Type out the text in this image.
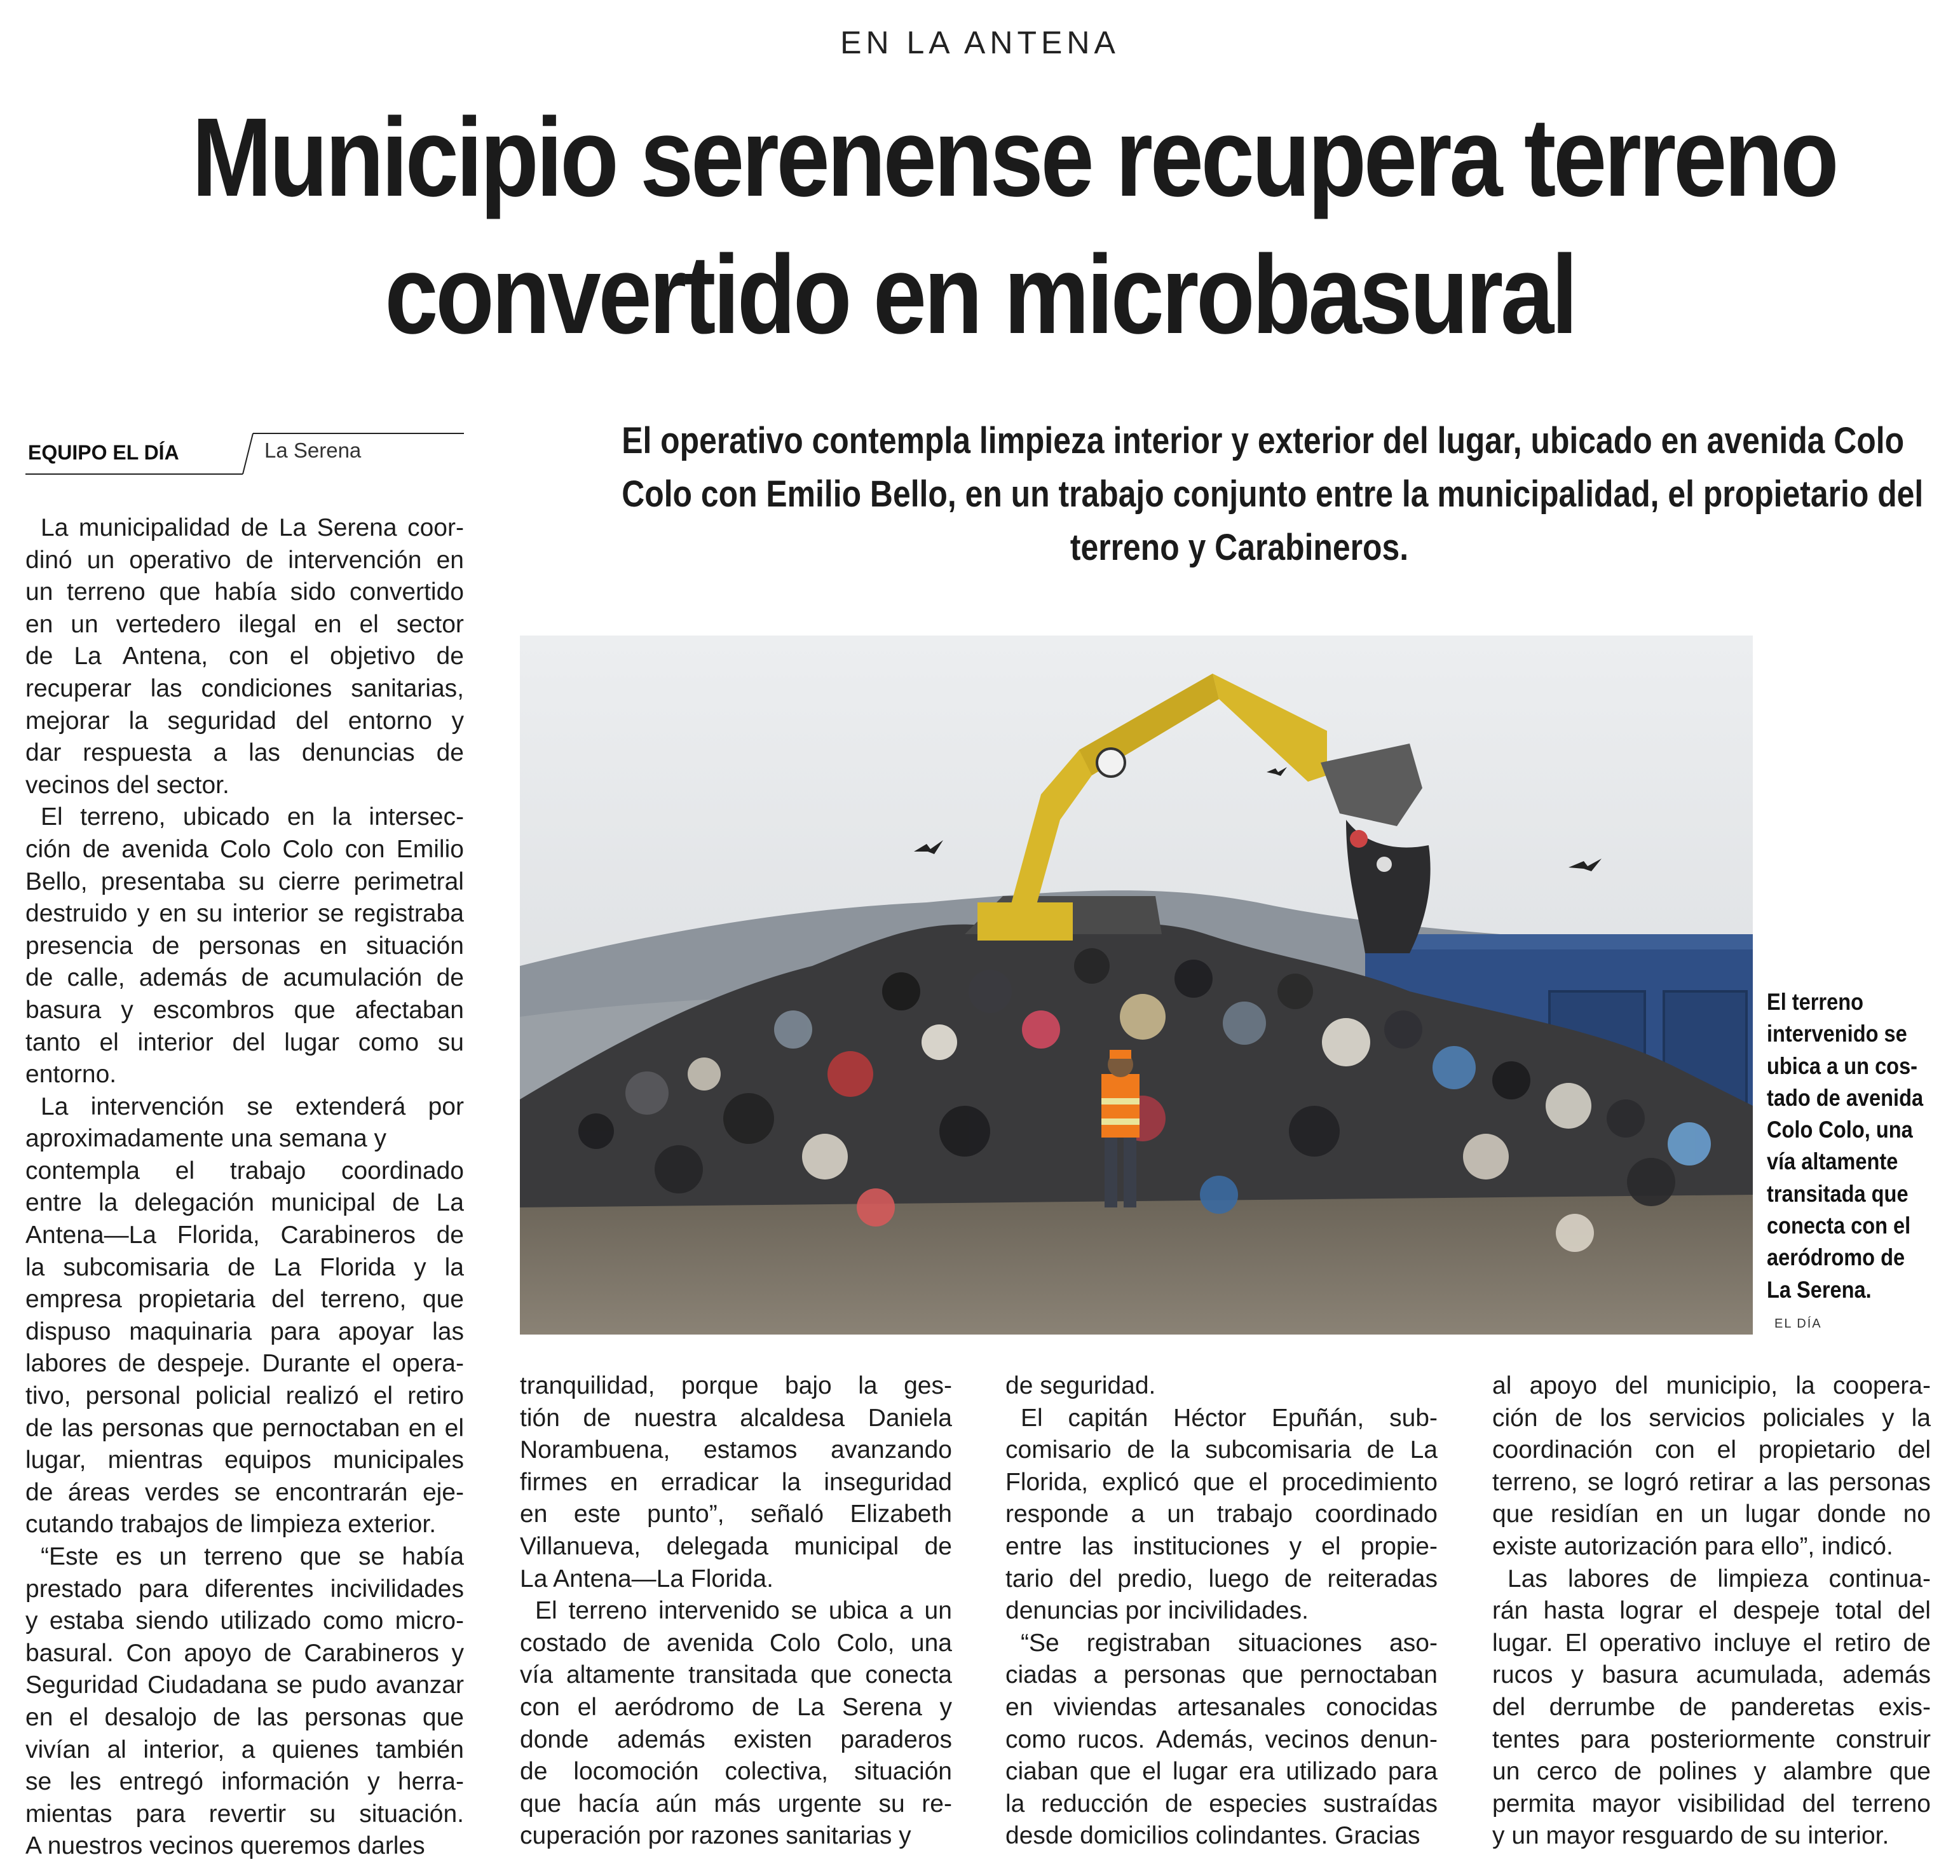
EN LA ANTENA
Municipio serenense recupera terreno
convertido en microbasural
EQUIPO EL DÍA	La Serena	El operativo contempla limpieza interior y exterior del lugar, ubicado en avenida Colo
Colo con Emilio Bello, en un trabajo conjunto entre la municipalidad, el propietario del
terreno y Carabineros.
La municipalidad de La Serena coor-
dinó un operativo de intervención en
un terreno que había sido convertido
en un vertedero ilegal en el sector
de La Antena, con el objetivo de
recuperar las condiciones sanitarias,
mejorar la seguridad del entorno y
dar respuesta a las denuncias de
vecinos del sector.
El terreno, ubicado en la intersec-
ción de avenida Colo Colo con Emilio
Bello, presentaba su cierre perimetral
destruido y en su interior se registraba
presencia de personas en situación
de calle, además de acumulación de
basura y escombros que afectaban
tanto el interior del lugar como su
entorno.
La intervención se extenderá por
aproximadamente una semana y
contempla el trabajo coordinado
entre la delegación municipal de La
Antena—La Florida, Carabineros de
la subcomisaria de La Florida y la
empresa propietaria del terreno, que
dispuso maquinaria para apoyar las
labores de despeje. Durante el opera-
tivo, personal policial realizó el retiro
de las personas que pernoctaban en el
lugar, mientras equipos municipales
de áreas verdes se encontrarán eje-
cutando trabajos de limpieza exterior.
“Este es un terreno que se había
prestado para diferentes incivilidades
y estaba siendo utilizado como micro-
basural. Con apoyo de Carabineros y
Seguridad Ciudadana se pudo avanzar
en el desalojo de las personas que
vivían al interior, a quienes también
se les entregó información y herra-
mientas para revertir su situación.
A nuestros vecinos queremos darles
tranquilidad, porque bajo la ges-
tión de nuestra alcaldesa Daniela
Norambuena, estamos avanzando
firmes en erradicar la inseguridad
en este punto”, señaló Elizabeth
Villanueva, delegada municipal de
La Antena—La Florida.
El terreno intervenido se ubica a un
costado de avenida Colo Colo, una
vía altamente transitada que conecta
con el aeródromo de La Serena y
donde además existen paraderos
de locomoción colectiva, situación
que hacía aún más urgente su re-
cuperación por razones sanitarias y
de seguridad.
El capitán Héctor Epuñán, sub-
comisario de la subcomisaria de La
Florida, explicó que el procedimiento
responde a un trabajo coordinado
entre las instituciones y el propie-
tario del predio, luego de reiteradas
denuncias por incivilidades.
“Se registraban situaciones aso-
ciadas a personas que pernoctaban
en viviendas artesanales conocidas
como rucos. Además, vecinos denun-
ciaban que el lugar era utilizado para
la reducción de especies sustraídas
desde domicilios colindantes. Gracias
al apoyo del municipio, la coopera-
ción de los servicios policiales y la
coordinación con el propietario del
terreno, se logró retirar a las personas
que residían en un lugar donde no
existe autorización para ello”, indicó.
Las labores de limpieza continua-
rán hasta lograr el despeje total del
lugar. El operativo incluye el retiro de
rucos y basura acumulada, además
del derrumbe de panderetas exis-
tentes para posteriormente construir
un cerco de polines y alambre que
permita mayor visibilidad del terreno
y un mayor resguardo de su interior.
El terreno
intervenido se
ubica a un cos-
tado de avenida
Colo Colo, una
vía altamente
transitada que
conecta con el
aeródromo de
La Serena.
EL DÍA
